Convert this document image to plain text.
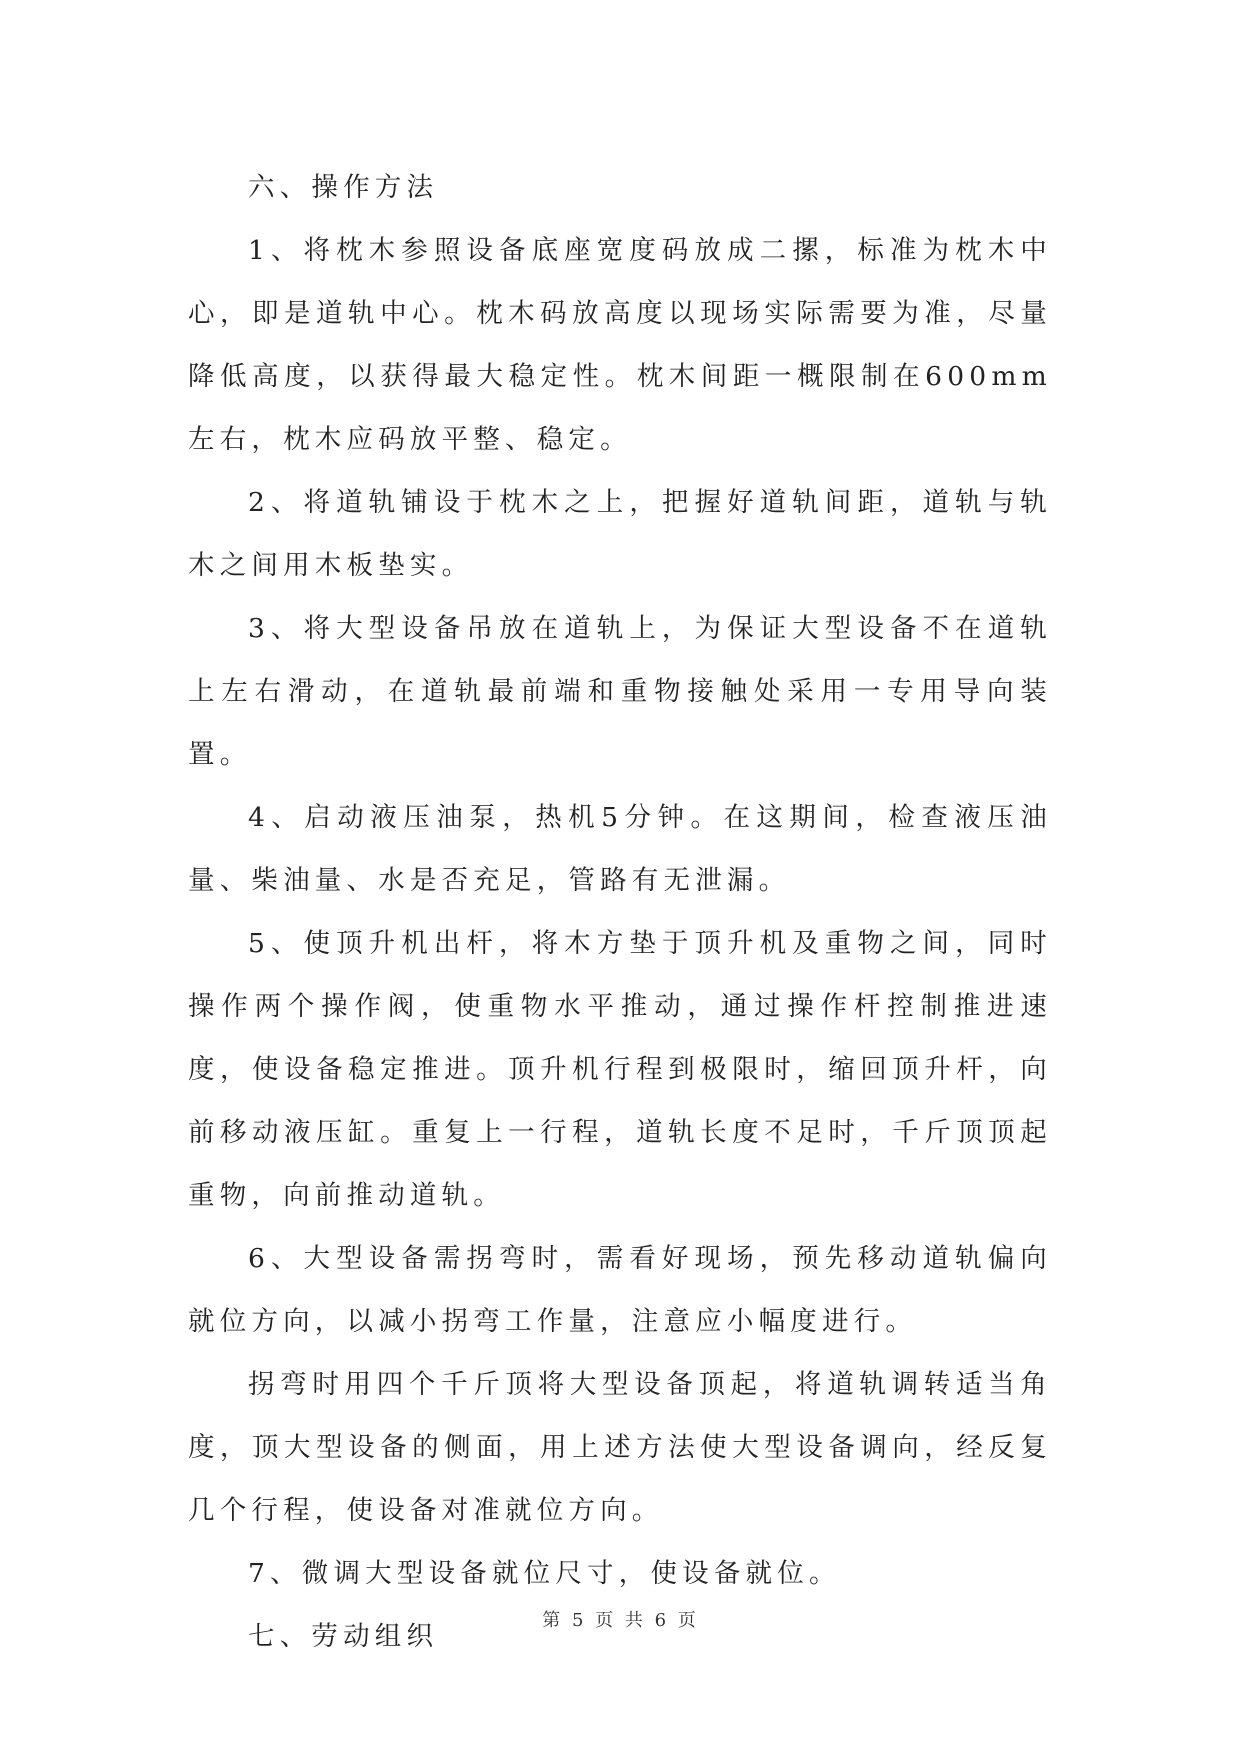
六、操作方法

1、将枕木参照设备底座宽度码放成二摞，标准为枕木中心，即是道轨中心。枕木码放高度以现场实际需要为准，尽量降低高度，以获得最大稳定性。枕木间距一概限制在600mm左右，枕木应码放平整、稳定。

2、将道轨铺设于枕木之上，把握好道轨间距，道轨与轨木之间用木板垫实。

3、将大型设备吊放在道轨上，为保证大型设备不在道轨上左右滑动，在道轨最前端和重物接触处采用一专用导向装置。

4、启动液压油泵，热机5分钟。在这期间，检查液压油量、柴油量、水是否充足，管路有无泄漏。

5、使顶升机出杆，将木方垫于顶升机及重物之间，同时操作两个操作阀，使重物水平推动，通过操作杆控制推进速度，使设备稳定推进。顶升机行程到极限时，缩回顶升杆，向前移动液压缸。重复上一行程，道轨长度不足时，千斤顶顶起重物，向前推动道轨。

6、大型设备需拐弯时，需看好现场，预先移动道轨偏向就位方向，以减小拐弯工作量，注意应小幅度进行。

拐弯时用四个千斤顶将大型设备顶起，将道轨调转适当角度，顶大型设备的侧面，用上述方法使大型设备调向，经反复几个行程，使设备对准就位方向。

7、微调大型设备就位尺寸，使设备就位。

七、劳动组织

第 5 页 共 6 页
